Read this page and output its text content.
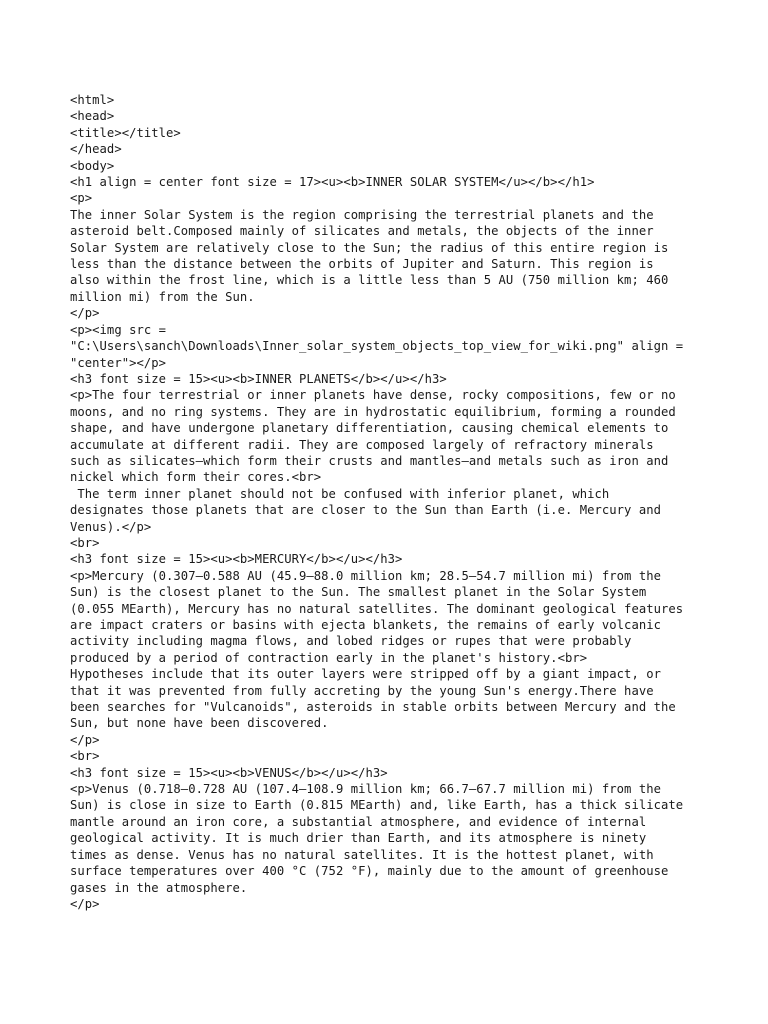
<html>
<head>
<title></title>
</head>
<body>
<h1 align = center font size = 17><u><b>INNER SOLAR SYSTEM</u></b></h1>
<p>
The inner Solar System is the region comprising the terrestrial planets and the
asteroid belt.Composed mainly of silicates and metals, the objects of the inner
Solar System are relatively close to the Sun; the radius of this entire region is
less than the distance between the orbits of Jupiter and Saturn. This region is
also within the frost line, which is a little less than 5 AU (750 million km; 460
million mi) from the Sun.
</p>
<p><img src =
"C:\Users\sanch\Downloads\Inner_solar_system_objects_top_view_for_wiki.png" align =
"center"></p>
<h3 font size = 15><u><b>INNER PLANETS</b></u></h3>
<p>The four terrestrial or inner planets have dense, rocky compositions, few or no
moons, and no ring systems. They are in hydrostatic equilibrium, forming a rounded
shape, and have undergone planetary differentiation, causing chemical elements to
accumulate at different radii. They are composed largely of refractory minerals
such as silicates—which form their crusts and mantles—and metals such as iron and
nickel which form their cores.<br>
The term inner planet should not be confused with inferior planet, which
designates those planets that are closer to the Sun than Earth (i.e. Mercury and
Venus).</p>
<br>
<h3 font size = 15><u><b>MERCURY</b></u></h3>
<p>Mercury (0.307–0.588 AU (45.9–88.0 million km; 28.5–54.7 million mi) from the
Sun) is the closest planet to the Sun. The smallest planet in the Solar System
(0.055 MEarth), Mercury has no natural satellites. The dominant geological features
are impact craters or basins with ejecta blankets, the remains of early volcanic
activity including magma flows, and lobed ridges or rupes that were probably
produced by a period of contraction early in the planet's history.<br>
Hypotheses include that its outer layers were stripped off by a giant impact, or
that it was prevented from fully accreting by the young Sun's energy.There have
been searches for "Vulcanoids", asteroids in stable orbits between Mercury and the
Sun, but none have been discovered.
</p>
<br>
<h3 font size = 15><u><b>VENUS</b></u></h3>
<p>Venus (0.718–0.728 AU (107.4–108.9 million km; 66.7–67.7 million mi) from the
Sun) is close in size to Earth (0.815 MEarth) and, like Earth, has a thick silicate
mantle around an iron core, a substantial atmosphere, and evidence of internal
geological activity. It is much drier than Earth, and its atmosphere is ninety
times as dense. Venus has no natural satellites. It is the hottest planet, with
surface temperatures over 400 °C (752 °F), mainly due to the amount of greenhouse
gases in the atmosphere.
</p>
